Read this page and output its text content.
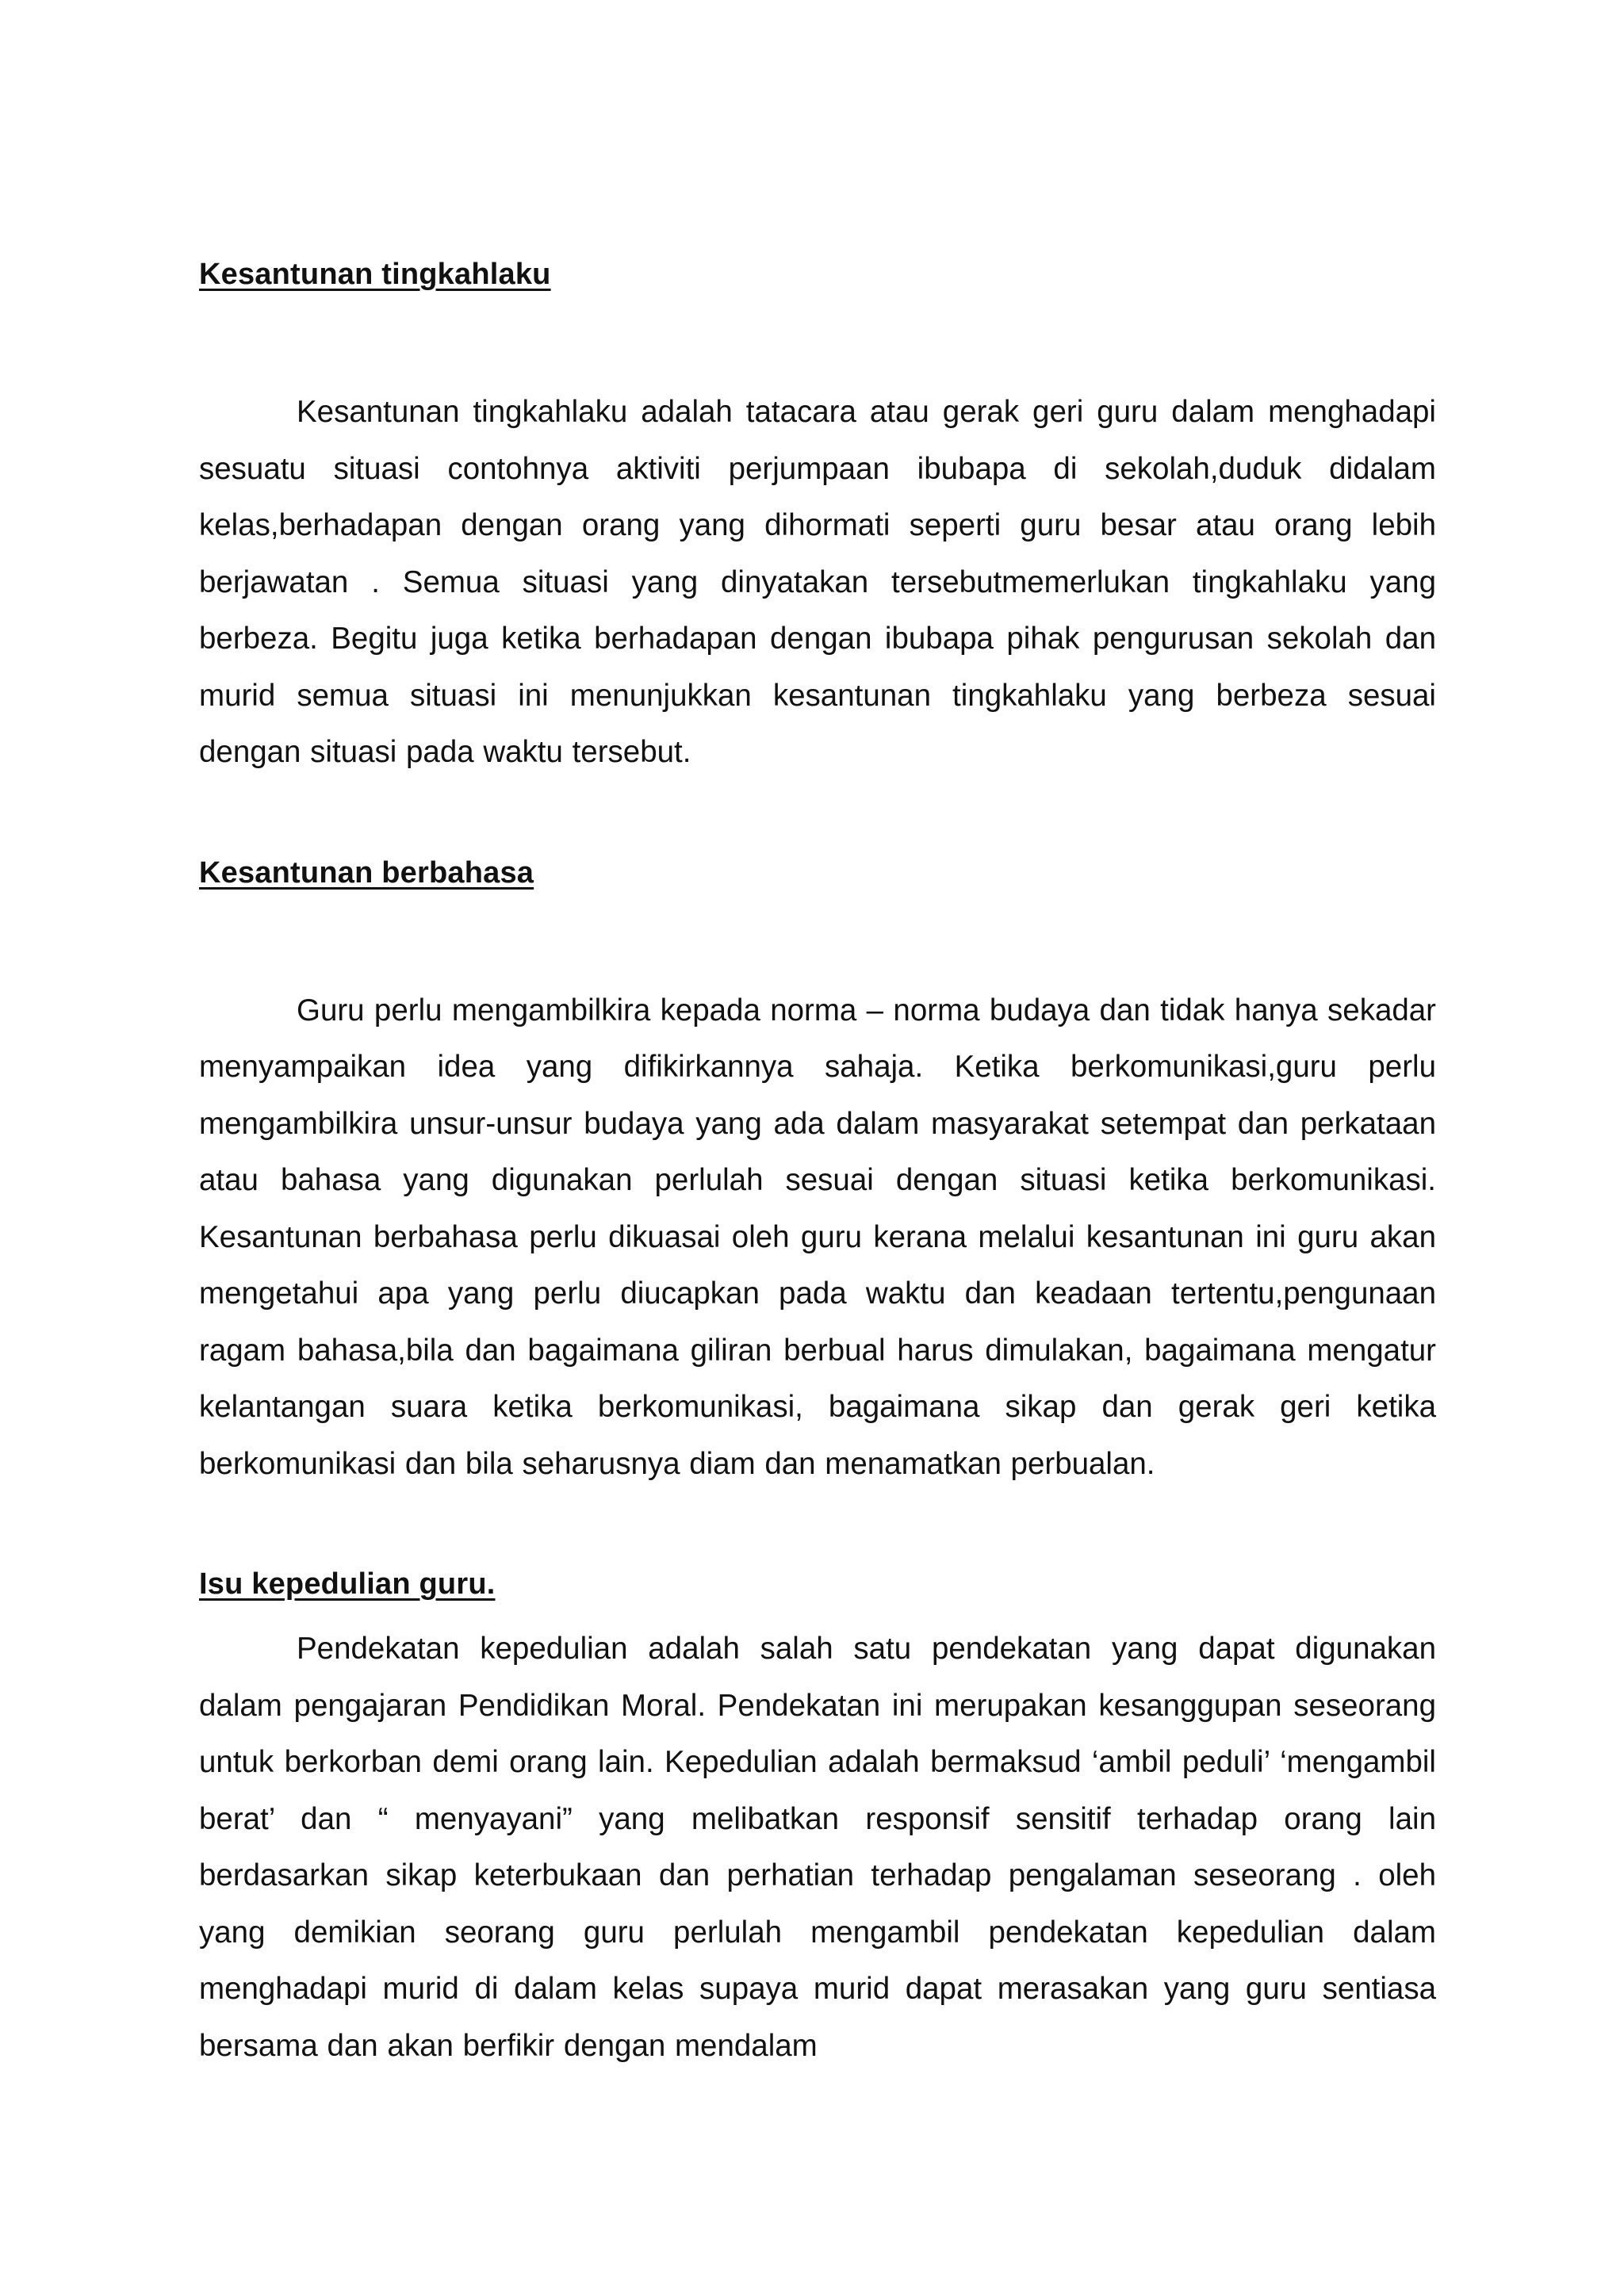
Kesantunan tingkahlaku

Kesantunan tingkahlaku adalah tatacara atau gerak geri guru dalam menghadapi sesuatu situasi contohnya aktiviti perjumpaan ibubapa di sekolah,duduk didalam kelas,berhadapan dengan orang yang dihormati seperti guru besar atau orang lebih berjawatan . Semua situasi yang dinyatakan tersebutmemerlukan tingkahlaku yang berbeza. Begitu juga ketika berhadapan dengan ibubapa pihak pengurusan sekolah dan murid semua situasi ini menunjukkan kesantunan tingkahlaku yang berbeza sesuai dengan situasi pada waktu tersebut.

Kesantunan berbahasa

Guru perlu mengambilkira kepada norma – norma budaya dan tidak hanya sekadar menyampaikan idea yang difikirkannya sahaja. Ketika berkomunikasi,guru perlu mengambilkira unsur-unsur budaya yang ada dalam masyarakat setempat dan perkataan atau bahasa yang digunakan perlulah sesuai dengan situasi ketika berkomunikasi. Kesantunan berbahasa perlu dikuasai oleh guru kerana melalui kesantunan ini guru akan mengetahui apa yang perlu diucapkan pada waktu dan keadaan tertentu,pengunaan ragam bahasa,bila dan bagaimana giliran berbual harus dimulakan, bagaimana mengatur kelantangan suara ketika berkomunikasi, bagaimana sikap dan gerak geri ketika berkomunikasi dan bila seharusnya diam dan menamatkan perbualan.

Isu kepedulian guru.

Pendekatan kepedulian adalah salah satu pendekatan yang dapat digunakan dalam pengajaran Pendidikan Moral. Pendekatan ini merupakan kesanggupan seseorang untuk berkorban demi orang lain. Kepedulian adalah bermaksud ‘ambil peduli’ ‘mengambil berat’ dan “ menyayani” yang melibatkan responsif sensitif terhadap orang lain berdasarkan sikap keterbukaan dan perhatian terhadap pengalaman seseorang . oleh yang demikian seorang guru perlulah mengambil pendekatan kepedulian dalam menghadapi murid di dalam kelas supaya murid dapat merasakan yang guru sentiasa bersama dan akan berfikir dengan mendalam
